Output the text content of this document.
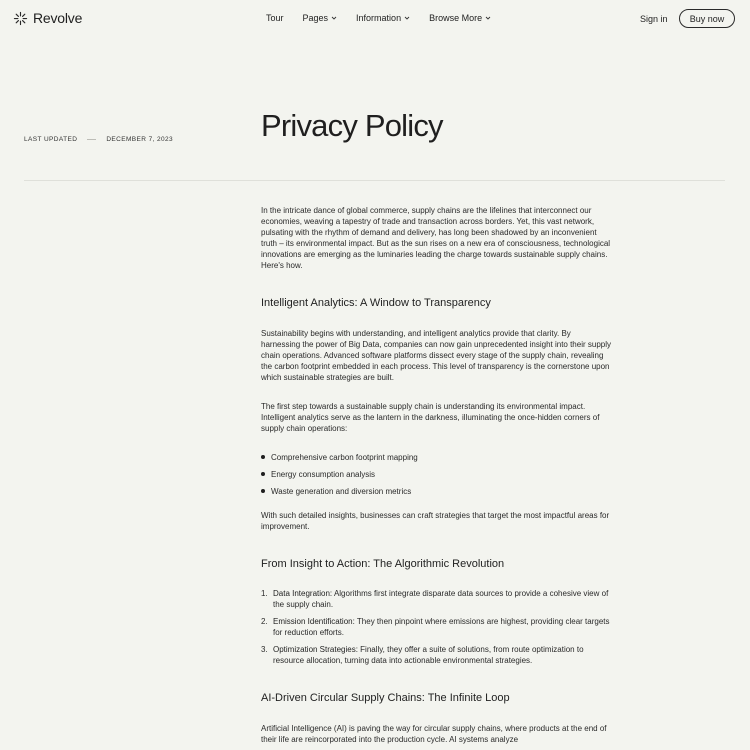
Revolve	Tour Pages	Information	Browse More	Sign in	Buy now
LAST UPDATED	DECEMBER 7, 2023	Privacy Policy

In the intricate dance of global commerce, supply chains are the lifelines that interconnect our economies, weaving a tapestry of trade and transaction across borders. Yet, this vast network, pulsating with the rhythm of demand and delivery, has long been shadowed by an inconvenient truth – its environmental impact. But as the sun rises on a new era of consciousness, technological innovations are emerging as the luminaries leading the charge towards sustainable supply chains. Here's how.

Intelligent Analytics: A Window to Transparency

Sustainability begins with understanding, and intelligent analytics provide that clarity. By harnessing the power of Big Data, companies can now gain unprecedented insight into their supply chain operations. Advanced software platforms dissect every stage of the supply chain, revealing the carbon footprint embedded in each process. This level of transparency is the cornerstone upon which sustainable strategies are built.

The first step towards a sustainable supply chain is understanding its environmental impact. Intelligent analytics serve as the lantern in the darkness, illuminating the once-hidden corners of supply chain operations:

Comprehensive carbon footprint mapping
Energy consumption analysis
Waste generation and diversion metrics

With such detailed insights, businesses can craft strategies that target the most impactful areas for improvement.

From Insight to Action: The Algorithmic Revolution
1. Data Integration: Algorithms first integrate disparate data sources to provide a cohesive view of the supply chain.
2. Emission Identification: They then pinpoint where emissions are highest, providing clear targets for reduction efforts.
3. Optimization Strategies: Finally, they offer a suite of solutions, from route optimization to resource allocation, turning data into actionable environmental strategies.
AI-Driven Circular Supply Chains: The Infinite Loop

Artificial Intelligence (AI) is paving the way for circular supply chains, where products at the end of their life are reincorporated into the production cycle. AI systems analyze
